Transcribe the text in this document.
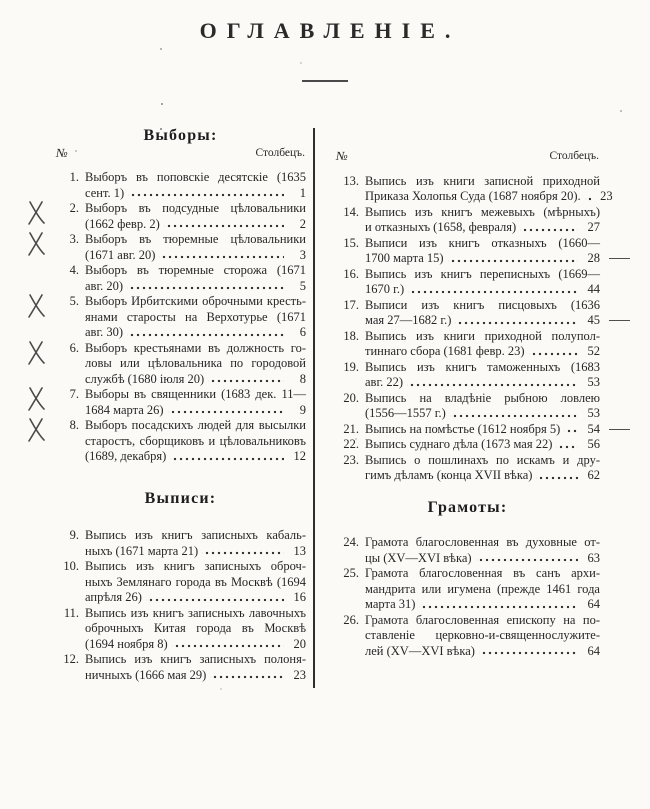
ОГЛАВЛЕНІЕ.
Выборы:
№	Столбецъ.
1. Выборъ въ поповскіе десятскіе (1635
сент. 1)	1
2. Выборъ въ подсудные цѣловальники
(1662 февр. 2)	2
3. Выборъ въ тюремные цѣловальники
(1671 авг. 20)	3
4. Выборъ въ тюремные сторожа (1671
авг. 20)	5
5. Выборъ Ирбитскими оброчными кресть-
янами старосты на Верхотурье (1671
авг. 30)	6
6. Выборъ крестьянами въ должность го-
ловы или цѣловальника по городовой
службѣ (1680 іюля 20)	8
7. Выборы въ священники (1683 дек. 11—
1684 марта 26)	9
8. Выборъ посадскихъ людей для высылки
старостъ, сборщиковъ и цѣловальниковъ
(1689, декабря)	12
Выписи:
9. Выпись изъ книгъ записныхъ кабаль-
ныхъ (1671 марта 21)	13
10. Выпись изъ книгъ записныхъ оброч-
ныхъ Землянаго города въ Москвѣ (1694
апрѣля 26)	16
11. Выпись изъ книгъ записныхъ лавочныхъ
оброчныхъ Китая города въ Москвѣ
(1694 ноября 8)	20
12. Выпись изъ книгъ записныхъ полоня-
ничныхъ (1666 мая 29)	23
№	Столбецъ.
13. Выпись изъ книги записной приходной
Приказа Холопья Суда (1687 ноября 20).	23
14. Выпись изъ книгъ межевыхъ (мѣрныхъ)
и отказныхъ (1658, февраля)	27
15. Выписи изъ книгъ отказныхъ (1660—
1700 марта 15)	28
16. Выпись изъ книгъ переписныхъ (1669—
1670 г.)	44
17. Выписи изъ книгъ писцовыхъ (1636
мая 27—1682 г.)	45
18. Выпись изъ книги приходной полупол-
тиннаго сбора (1681 февр. 23)	52
19. Выпись изъ книгъ таможенныхъ (1683
авг. 22)	53
20. Выпись на владѣніе рыбною ловлею
(1556—1557 г.)	53
21. Выпись на помѣстье (1612 ноября 5)	54
22. Выпись суднаго дѣла (1673 мая 22)	56
23. Выпись о пошлинахъ по искамъ и дру-
гимъ дѣламъ (конца XVII вѣка)	62
Грамоты:
24. Грамота благословенная въ духовные от-
цы (XV—XVI вѣка)	63
25. Грамота благословенная въ санъ архи-
мандрита или игумена (прежде 1461 года
марта 31)	64
26. Грамота благословенная епископу на по-
ставленіе церковно-и-священнослужите-
лей (XV—XVI вѣка)	64
